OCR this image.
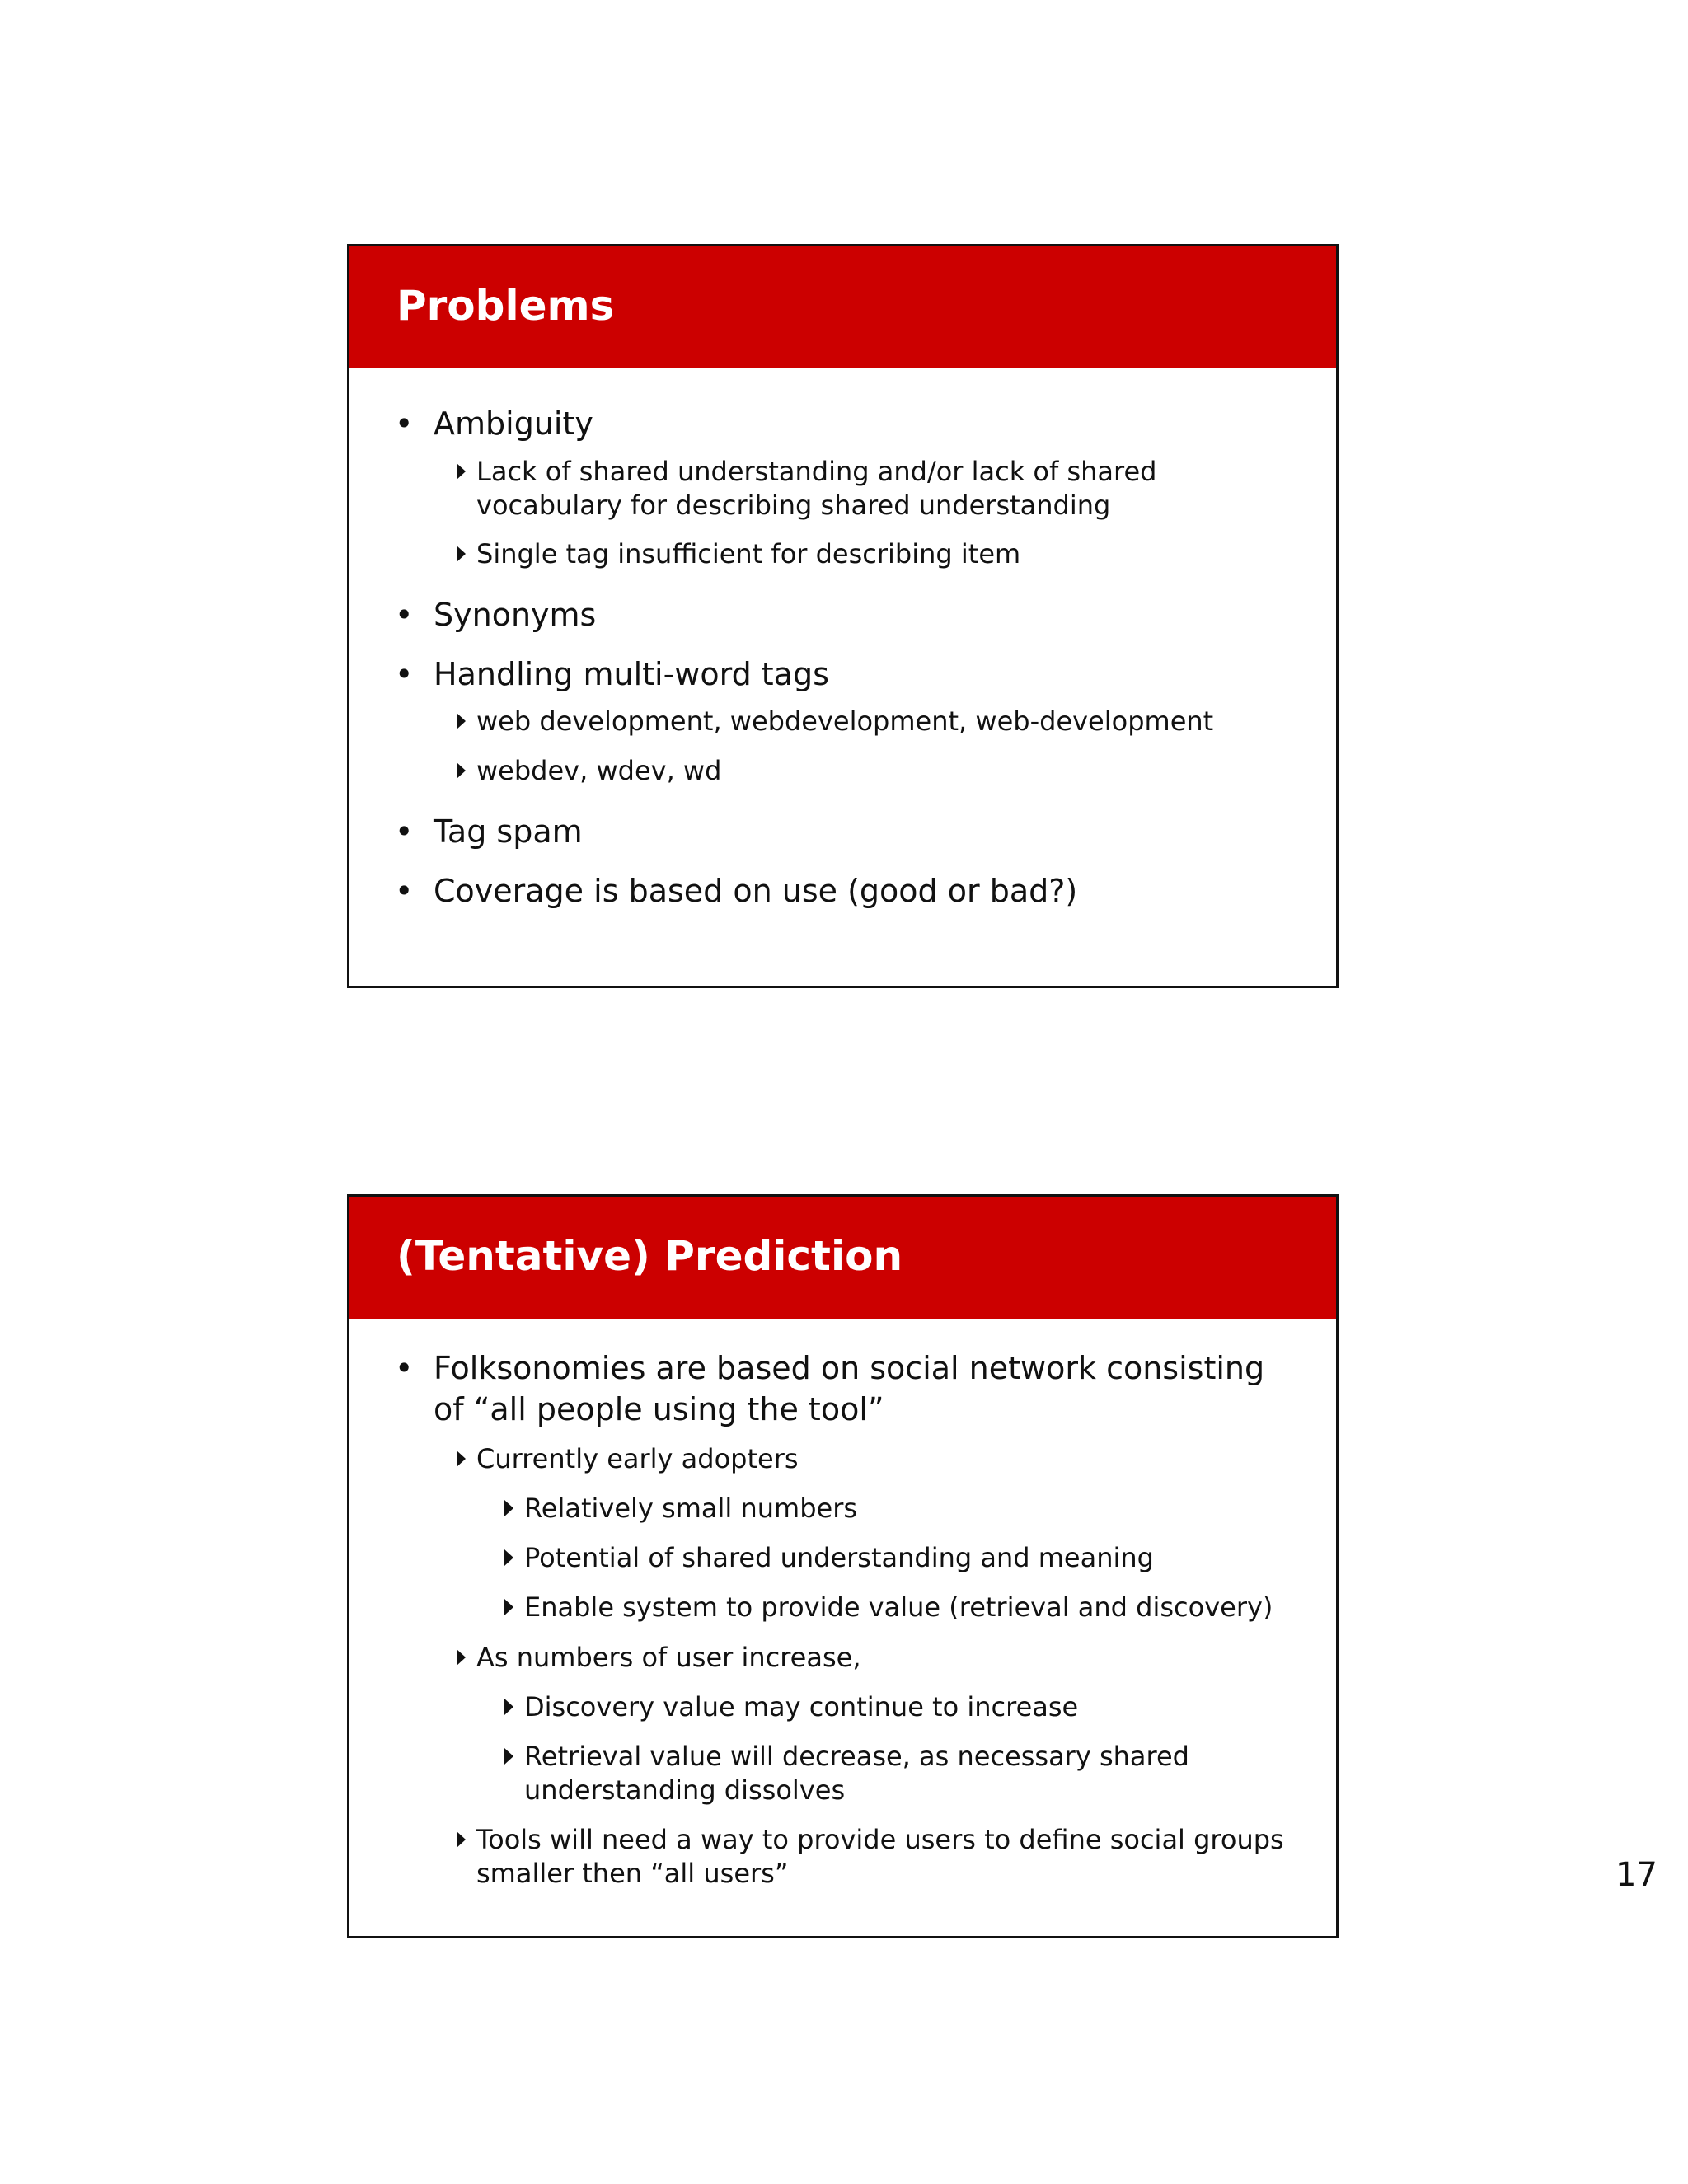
Problems
• Ambiguity
Lack of shared understanding and/or lack of shared vocabulary for describing shared understanding
Single tag insufficient for describing item
• Synonyms
• Handling multi-word tags
web development, webdevelopment, web-development
webdev, wdev, wd
• Tag spam
• Coverage is based on use (good or bad?)
(Tentative) Prediction
• Folksonomies are based on social network consisting of “all people using the tool”
Currently early adopters
Relatively small numbers
Potential of shared understanding and meaning
Enable system to provide value (retrieval and discovery)
As numbers of user increase,
Discovery value may continue to increase
Retrieval value will decrease, as necessary shared understanding dissolves
Tools will need a way to provide users to define social groups smaller then “all users”	17
